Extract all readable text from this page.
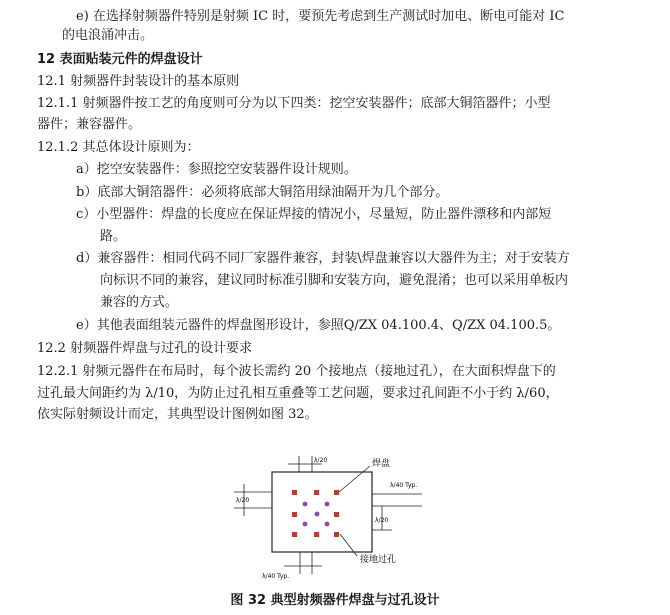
e) 在选择射频器件特别是射频 IC 时，要预先考虑到生产测试时加电、断电可能对 IC
的电浪涌冲击。
12 表面贴装元件的焊盘设计
12.1 射频器件封装设计的基本原则
12.1.1 射频器件按工艺的角度则可分为以下四类：挖空安装器件；底部大铜箔器件；小型
器件；兼容器件。
12.1.2 其总体设计原则为：
a）挖空安装器件：参照挖空安装器件设计规则。
b）底部大铜箔器件：必须将底部大铜箔用绿油隔开为几个部分。
c）小型器件：焊盘的长度应在保证焊接的情况小，尽量短，防止器件漂移和内部短
路。
d）兼容器件：相同代码不同厂家器件兼容，封装\焊盘兼容以大器件为主；对于安装方
向标识不同的兼容，建议同时标准引脚和安装方向，避免混淆；也可以采用单板内
兼容的方式。
e）其他表面组装元器件的焊盘图形设计，参照Q/ZX 04.100.4、Q/ZX 04.100.5。
12.2 射频器件焊盘与过孔的设计要求
12.2.1 射频元器件在布局时，每个波长需约 20 个接地点（接地过孔），在大面积焊盘下的
过孔最大间距约为 λ/10，为防止过孔相互重叠等工艺问题，要求过孔间距不小于约 λ/60，
依实际射频设计而定，其典型设计图例如图 32。
λ/20
λ/20
λ/40 Typ.
λ/20
λ/40 Typ.
焊盘
接地过孔
图 32 典型射频器件焊盘与过孔设计
